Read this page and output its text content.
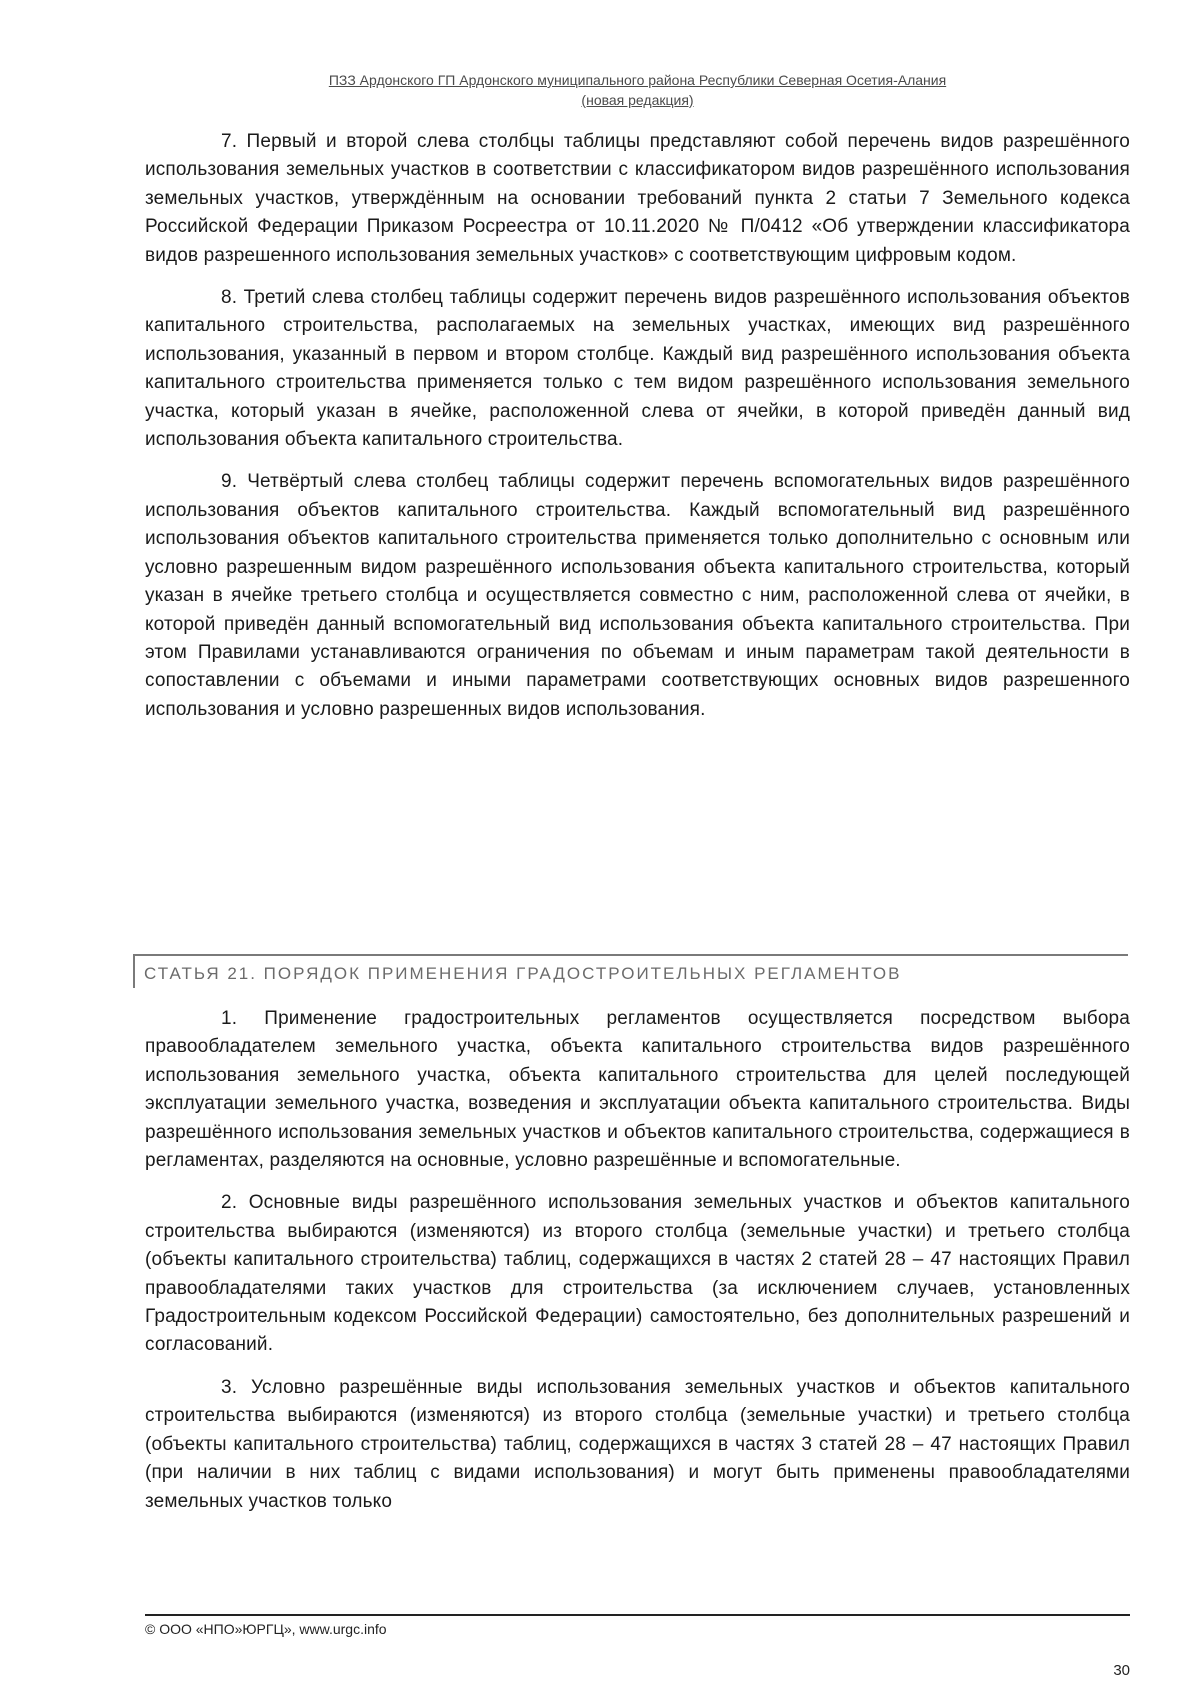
ПЗЗ Ардонского ГП Ардонского муниципального района Республики Северная Осетия-Алания
(новая редакция)

7. Первый и второй слева столбцы таблицы представляют собой перечень видов разрешённого использования земельных участков в соответствии с классификатором видов разрешённого использования земельных участков, утверждённым на основании требований пункта 2 статьи 7 Земельного кодекса Российской Федерации Приказом Росреестра от 10.11.2020 № П/0412 «Об утверждении классификатора видов разрешенного использования земельных участков» с соответствующим цифровым кодом.

8. Третий слева столбец таблицы содержит перечень видов разрешённого использования объектов капитального строительства, располагаемых на земельных участках, имеющих вид разрешённого использования, указанный в первом и втором столбце. Каждый вид разрешённого использования объекта капитального строительства применяется только с тем видом разрешённого использования земельного участка, который указан в ячейке, расположенной слева от ячейки, в которой приведён данный вид использования объекта капитального строительства.

9. Четвёртый слева столбец таблицы содержит перечень вспомогательных видов разрешённого использования объектов капитального строительства. Каждый вспомогательный вид разрешённого использования объектов капитального строительства применяется только дополнительно с основным или условно разрешенным видом разрешённого использования объекта капитального строительства, который указан в ячейке третьего столбца и осуществляется совместно с ним, расположенной слева от ячейки, в которой приведён данный вспомогательный вид использования объекта капитального строительства. При этом Правилами устанавливаются ограничения по объемам и иным параметрам такой деятельности в сопоставлении с объемами и иными параметрами соответствующих основных видов разрешенного использования и условно разрешенных видов использования.

СТАТЬЯ 21. ПОРЯДОК ПРИМЕНЕНИЯ ГРАДОСТРОИТЕЛЬНЫХ РЕГЛАМЕНТОВ

1. Применение градостроительных регламентов осуществляется посредством выбора правообладателем земельного участка, объекта капитального строительства видов разрешённого использования земельного участка, объекта капитального строительства для целей последующей эксплуатации земельного участка, возведения и эксплуатации объекта капитального строительства. Виды разрешённого использования земельных участков и объектов капитального строительства, содержащиеся в регламентах, разделяются на основные, условно разрешённые и вспомогательные.

2. Основные виды разрешённого использования земельных участков и объектов капитального строительства выбираются (изменяются) из второго столбца (земельные участки) и третьего столбца (объекты капитального строительства) таблиц, содержащихся в частях 2 статей 28 – 47 настоящих Правил правообладателями таких участков для строительства (за исключением случаев, установленных Градостроительным кодексом Российской Федерации) самостоятельно, без дополнительных разрешений и согласований.

3. Условно разрешённые виды использования земельных участков и объектов капитального строительства выбираются (изменяются) из второго столбца (земельные участки) и третьего столбца (объекты капитального строительства) таблиц, содержащихся в частях 3 статей 28 – 47 настоящих Правил (при наличии в них таблиц с видами использования) и могут быть применены правообладателями земельных участков только

© ООО «НПО»ЮРГЦ», www.urgc.info
30
